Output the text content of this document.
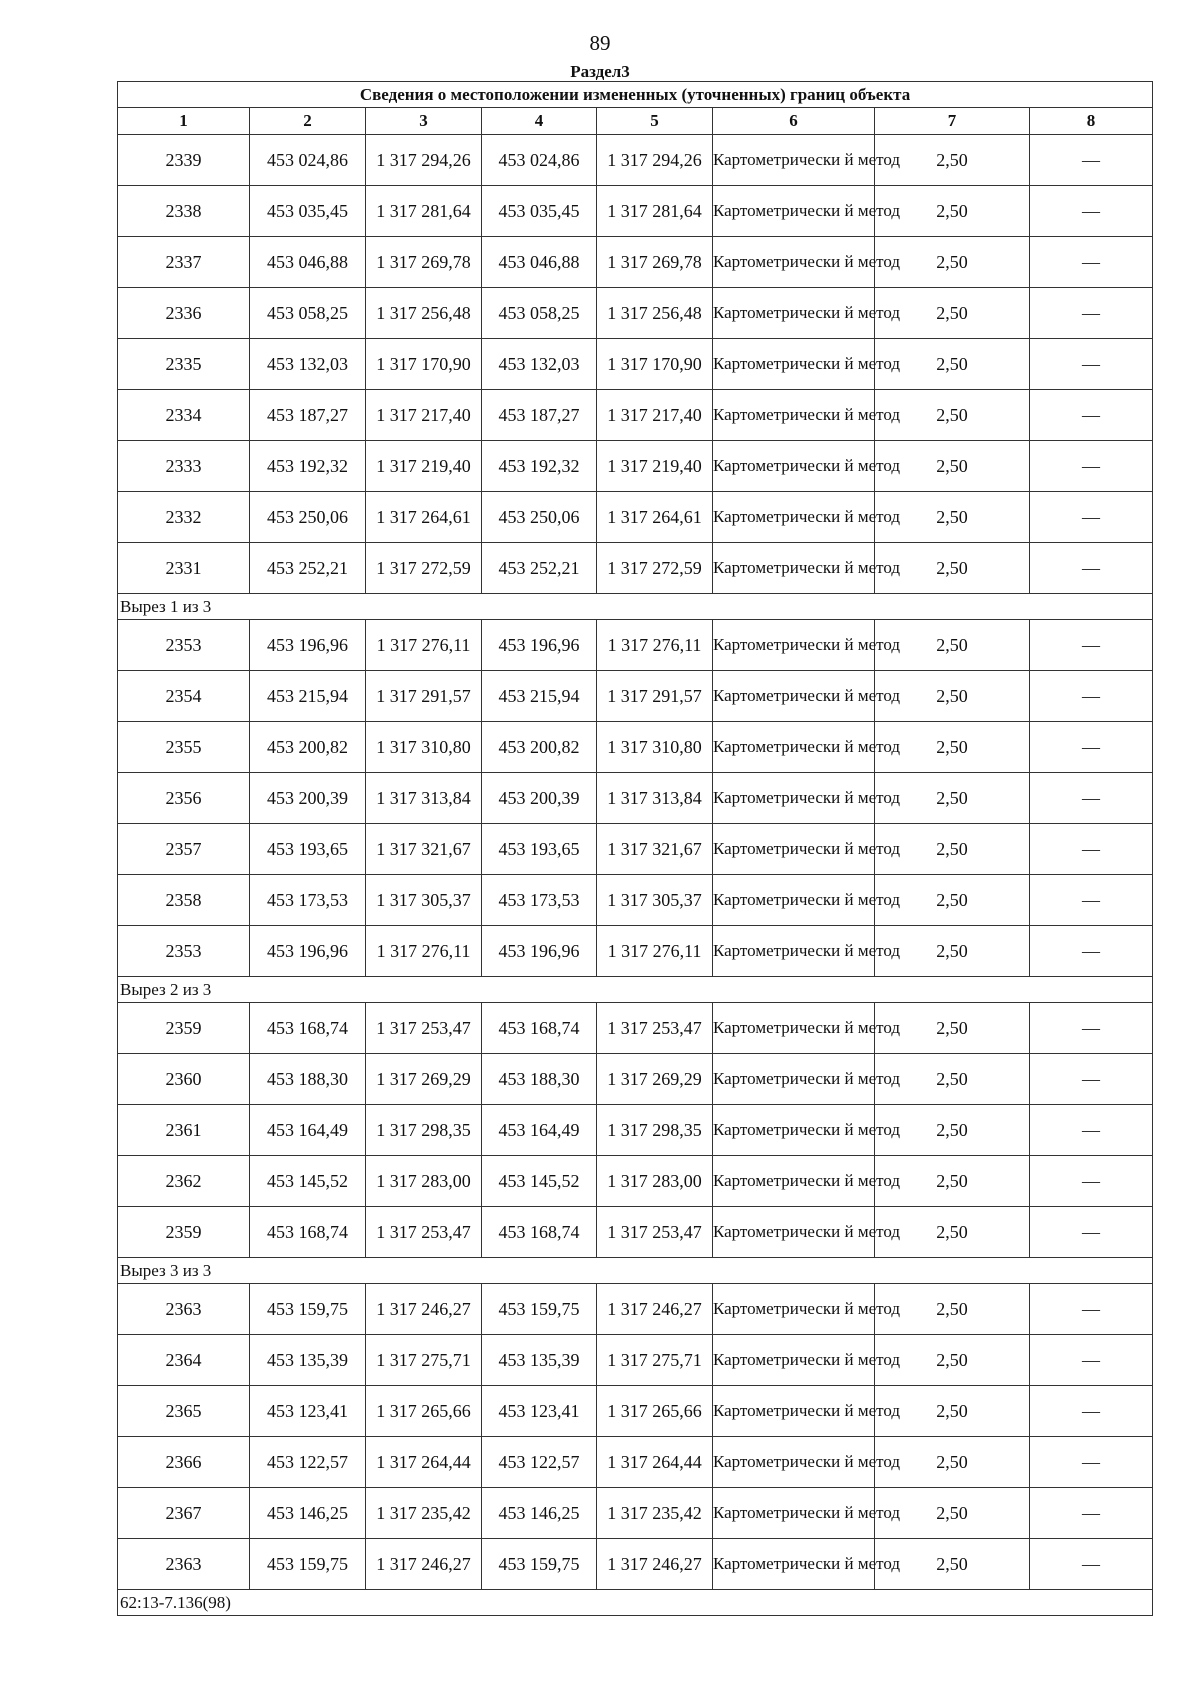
89
Раздел3
Сведения о местоположении измененных (уточненных) границ объекта							
1	2	3	4	5	6	7	8
2339	453 024,86	1 317 294,26	453 024,86	1 317 294,26	Картометрически й метод	2,50	—
2338	453 035,45	1 317 281,64	453 035,45	1 317 281,64	Картометрически й метод	2,50	—
2337	453 046,88	1 317 269,78	453 046,88	1 317 269,78	Картометрически й метод	2,50	—
2336	453 058,25	1 317 256,48	453 058,25	1 317 256,48	Картометрически й метод	2,50	—
2335	453 132,03	1 317 170,90	453 132,03	1 317 170,90	Картометрически й метод	2,50	—
2334	453 187,27	1 317 217,40	453 187,27	1 317 217,40	Картометрически й метод	2,50	—
2333	453 192,32	1 317 219,40	453 192,32	1 317 219,40	Картометрически й метод	2,50	—
2332	453 250,06	1 317 264,61	453 250,06	1 317 264,61	Картометрически й метод	2,50	—
2331	453 252,21	1 317 272,59	453 252,21	1 317 272,59	Картометрически й метод	2,50	—
Вырез 1 из 3							
2353	453 196,96	1 317 276,11	453 196,96	1 317 276,11	Картометрически й метод	2,50	—
2354	453 215,94	1 317 291,57	453 215,94	1 317 291,57	Картометрически й метод	2,50	—
2355	453 200,82	1 317 310,80	453 200,82	1 317 310,80	Картометрически й метод	2,50	—
2356	453 200,39	1 317 313,84	453 200,39	1 317 313,84	Картометрически й метод	2,50	—
2357	453 193,65	1 317 321,67	453 193,65	1 317 321,67	Картометрически й метод	2,50	—
2358	453 173,53	1 317 305,37	453 173,53	1 317 305,37	Картометрически й метод	2,50	—
2353	453 196,96	1 317 276,11	453 196,96	1 317 276,11	Картометрически й метод	2,50	—
Вырез 2 из 3							
2359	453 168,74	1 317 253,47	453 168,74	1 317 253,47	Картометрически й метод	2,50	—
2360	453 188,30	1 317 269,29	453 188,30	1 317 269,29	Картометрически й метод	2,50	—
2361	453 164,49	1 317 298,35	453 164,49	1 317 298,35	Картометрически й метод	2,50	—
2362	453 145,52	1 317 283,00	453 145,52	1 317 283,00	Картометрически й метод	2,50	—
2359	453 168,74	1 317 253,47	453 168,74	1 317 253,47	Картометрически й метод	2,50	—
Вырез 3 из 3							
2363	453 159,75	1 317 246,27	453 159,75	1 317 246,27	Картометрически й метод	2,50	—
2364	453 135,39	1 317 275,71	453 135,39	1 317 275,71	Картометрически й метод	2,50	—
2365	453 123,41	1 317 265,66	453 123,41	1 317 265,66	Картометрически й метод	2,50	—
2366	453 122,57	1 317 264,44	453 122,57	1 317 264,44	Картометрически й метод	2,50	—
2367	453 146,25	1 317 235,42	453 146,25	1 317 235,42	Картометрически й метод	2,50	—
2363	453 159,75	1 317 246,27	453 159,75	1 317 246,27	Картометрически й метод	2,50	—
62:13-7.136(98)							
